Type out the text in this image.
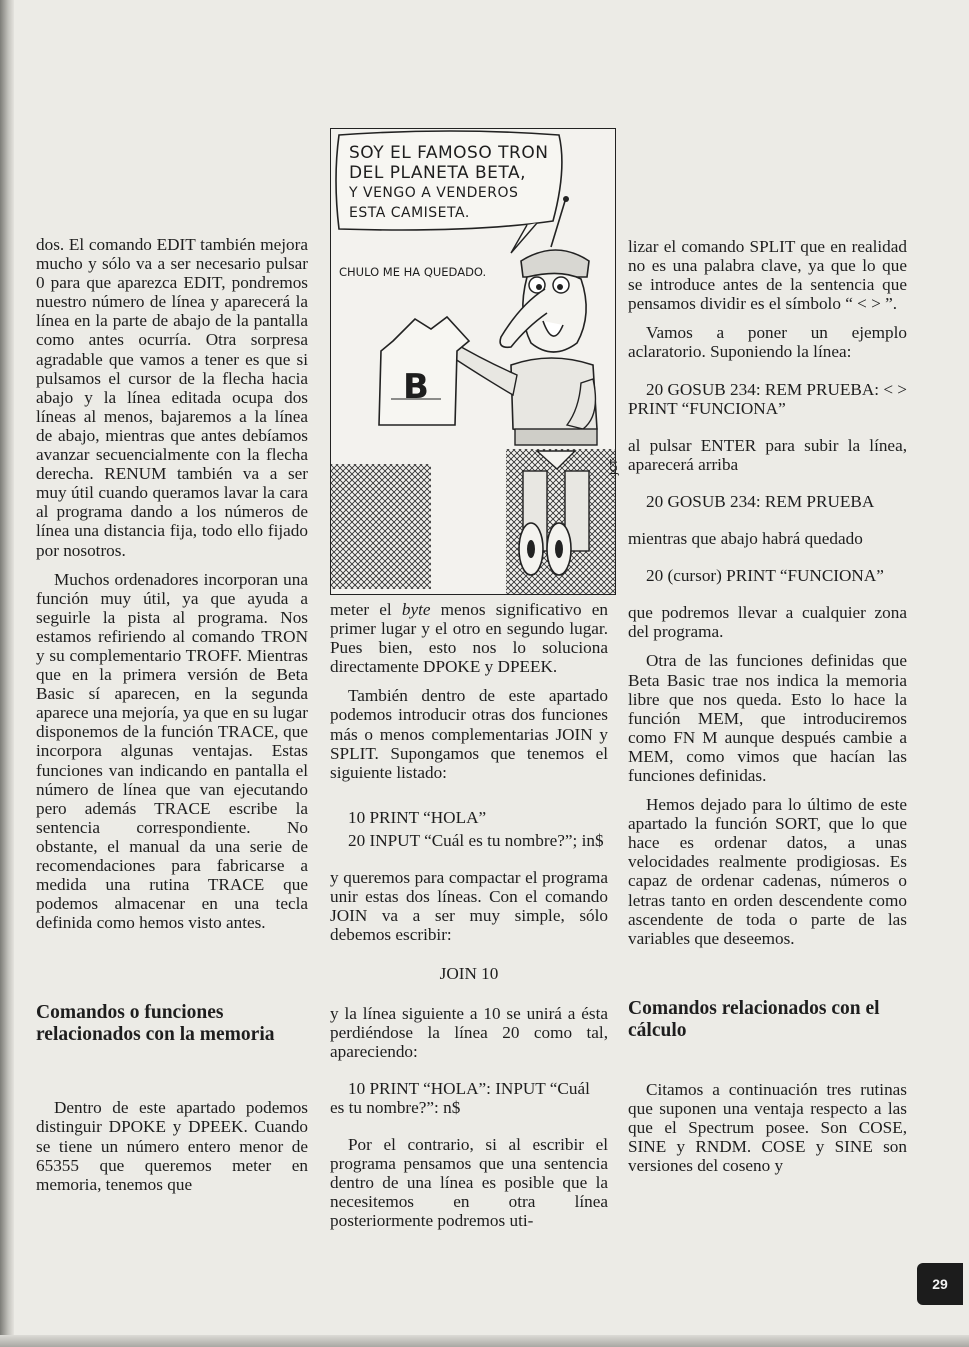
dos. El comando EDIT también mejora mucho y sólo va a ser necesario pulsar 0 para que aparezca EDIT, pondremos nuestro número de línea y aparecerá la línea en la parte de abajo de la pantalla como antes ocurría. Otra sorpresa agradable que vamos a tener es que si pulsamos el cursor de la flecha hacia abajo y la línea editada ocupa dos líneas al menos, bajaremos a la línea de abajo, mientras que antes debíamos avanzar secuencialmente con la flecha derecha. RENUM también va a ser muy útil cuando queramos lavar la cara al programa dando a los números de línea una distancia fija, todo ello fijado por nosotros.

Muchos ordenadores incorporan una función muy útil, ya que ayuda a seguirle la pista al programa. Nos estamos refiriendo al comando TRON y su complementario TROFF. Mientras que en la primera versión de Beta Basic sí aparecen, en la segunda aparece una mejoría, ya que en su lugar disponemos de la función TRACE, que incorpora algunas ventajas. Estas funciones van indicando en pantalla el número de línea que van ejecutando pero además TRACE escribe la sentencia correspondiente. No obstante, el manual da una serie de recomendaciones para fabricarse a medida una rutina TRACE que podemos almacenar en una tecla definida como hemos visto antes.

Comandos o funciones relacionados con la memoria

Dentro de este apartado podemos distinguir DPOKE y DPEEK. Cuando se tiene un número entero menor de 65355 que queremos meter en memoria, tenemos que

SOY EL FAMOSO TRON
DEL PLANETA BETA,
Y VENGO A VENDEROS
ESTA CAMISETA.
CHULO ME HA QUEDADO.
B
JCT

meter el byte menos significativo en primer lugar y el otro en segundo lugar. Pues bien, esto nos lo soluciona directamente DPOKE y DPEEK.

También dentro de este apartado podemos introducir otras dos funciones más o menos complementarias JOIN y SPLIT. Supongamos que tenemos el siguiente listado:

10 PRINT “HOLA”

20 INPUT “Cuál es tu nombre?”; in$

y queremos para compactar el programa unir estas dos líneas. Con el comando JOIN va a ser muy simple, sólo debemos escribir:

JOIN 10

y la línea siguiente a 10 se unirá a ésta perdiéndose la línea 20 como tal, apareciendo:

10 PRINT “HOLA”: INPUT “Cuál es tu nombre?”: n$

Por el contrario, si al escribir el programa pensamos que una sentencia dentro de una línea es posible que la necesitemos en otra línea posteriormente podremos uti-

lizar el comando SPLIT que en realidad no es una palabra clave, ya que lo que se introduce antes de la sentencia que pensamos dividir es el símbolo “ < > ”.

Vamos a poner un ejemplo aclaratorio. Suponiendo la línea:

20 GOSUB 234: REM PRUEBA: < > PRINT “FUNCIONA”

al pulsar ENTER para subir la línea, aparecerá arriba

20 GOSUB 234: REM PRUEBA

mientras que abajo habrá quedado

20 (cursor) PRINT “FUNCIONA”

que podremos llevar a cualquier zona del programa.

Otra de las funciones definidas que Beta Basic trae nos indica la memoria libre que nos queda. Esto lo hace la función MEM, que introduciremos como FN M aunque después cambie a MEM, como vimos que hacían las funciones definidas.

Hemos dejado para lo último de este apartado la función SORT, que lo que hace es ordenar datos, a unas velocidades realmente prodigiosas. Es capaz de ordenar cadenas, números o letras tanto en orden descendente como ascendente de toda o parte de las variables que deseemos.

Comandos relacionados con el cálculo

Citamos a continuación tres rutinas que suponen una ventaja respecto a las que el Spectrum posee. Son COSE, SINE y RNDM. COSE y SINE son versiones del coseno y

29
